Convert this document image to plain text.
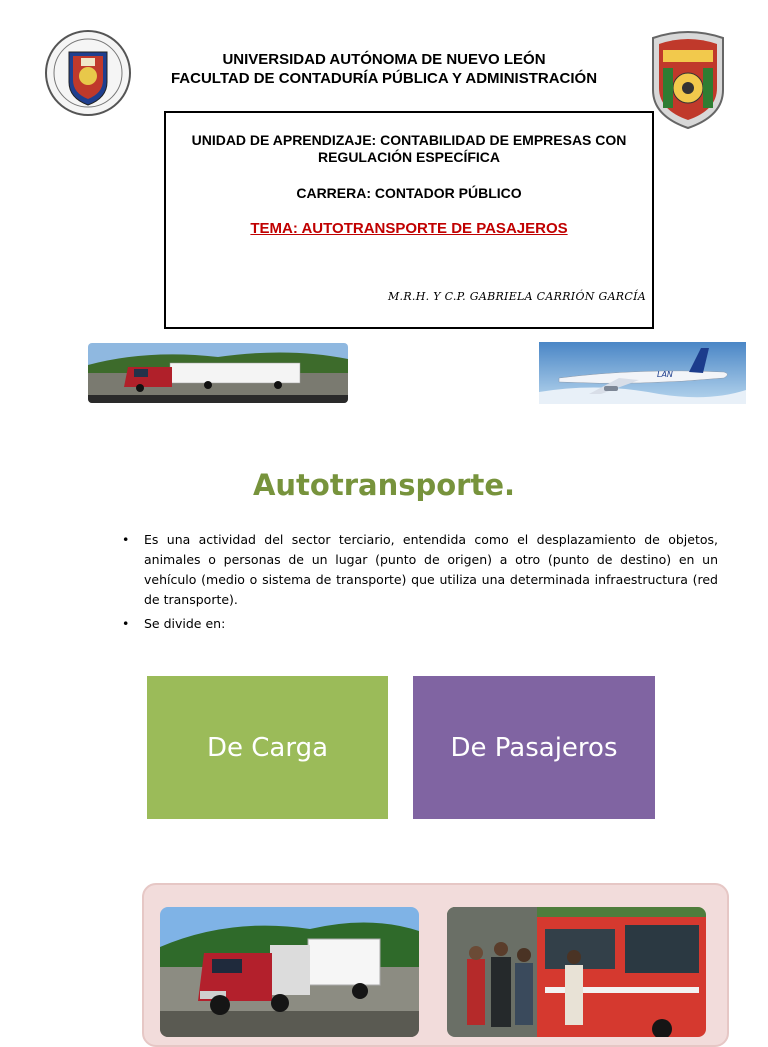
UNIVERSIDAD AUTÓNOMA DE NUEVO LEÓN
FACULTAD DE CONTADURÍA PÚBLICA Y ADMINISTRACIÓN
UNIDAD DE APRENDIZAJE: CONTABILIDAD DE EMPRESAS CON
REGULACIÓN ESPECÍFICA
CARRERA: CONTADOR PÚBLICO
TEMA: AUTOTRANSPORTE DE PASAJEROS
M.R.H. Y C.P. GABRIELA CARRIÓN GARCÍA
LAN
Autotransporte.
• Es una actividad del sector terciario, entendida como el desplazamiento de objetos, animales o personas de un lugar (punto de origen) a otro (punto de destino) en un vehículo (medio o sistema de transporte) que utiliza una determinada infraestructura (red de transporte).
• Se divide en:
De Carga	De Pasajeros
